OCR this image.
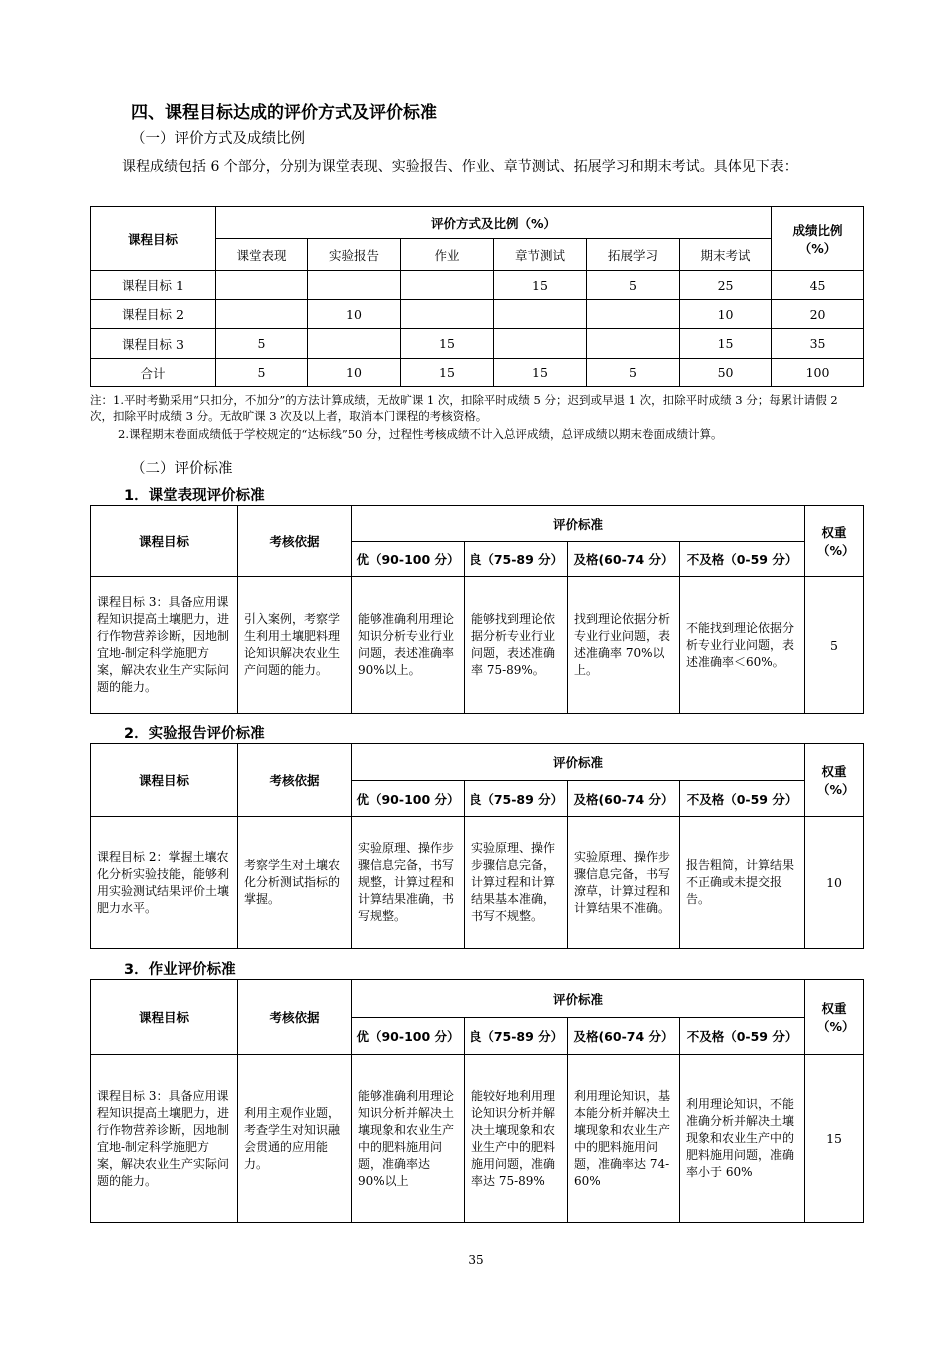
四、课程目标达成的评价方式及评价标准
（一）评价方式及成绩比例
课程成绩包括 6 个部分，分别为课堂表现、实验报告、作业、章节测试、拓展学习和期末考试。具体见下表：
课程目标	评价方式及比例（%）						成绩比例（%）
	课堂表现	实验报告	作业	章节测试	拓展学习	期末考试	
课程目标 1				15	5	25	45
课程目标 2		10				10	20
课程目标 3	5		15			15	35
合计	5	10	15	15	5	50	100
注：1.平时考勤采用“只扣分，不加分”的方法计算成绩，无故旷课 1 次，扣除平时成绩 5 分；迟到或早退 1 次，扣除平时成绩 3 分；每累计请假 2 次，扣除平时成绩 3 分。无故旷课 3 次及以上者，取消本门课程的考核资格。
2.课程期末卷面成绩低于学校规定的“达标线”50 分，过程性考核成绩不计入总评成绩，总评成绩以期末卷面成绩计算。
（二）评价标准
1．课堂表现评价标准
课程目标	考核依据	评价标准				权重（%）
		优（90-100 分）	良（75-89 分）	及格(60-74 分）	不及格（0-59 分）	
课程目标 3：具备应用课程知识提高土壤肥力，进行作物营养诊断，因地制宜地-制定科学施肥方案，解决农业生产实际问题的能力。	引入案例，考察学生利用土壤肥料理论知识解决农业生产问题的能力。	能够准确利用理论知识分析专业行业问题，表述准确率 90%以上。	能够找到理论依据分析专业行业问题，表述准确率 75-89%。	找到理论依据分析专业行业问题，表述准确率 70%以上。	不能找到理论依据分析专业行业问题，表述准确率＜60%。	5
2．实验报告评价标准
课程目标	考核依据	评价标准				权重（%）
		优（90-100 分）	良（75-89 分）	及格(60-74 分）	不及格（0-59 分）	
课程目标 2：掌握土壤农化分析实验技能，能够利用实验测试结果评价土壤肥力水平。	考察学生对土壤农化分析测试指标的掌握。	实验原理、操作步骤信息完备，书写规整，计算过程和计算结果准确，书写规整。	实验原理、操作步骤信息完备，计算过程和计算结果基本准确，书写不规整。	实验原理、操作步骤信息完备，书写潦草，计算过程和计算结果不准确。	报告粗简，计算结果不正确或未提交报告。	10
3．作业评价标准
课程目标	考核依据	评价标准				权重（%）
		优（90-100 分）	良（75-89 分）	及格(60-74 分）	不及格（0-59 分）	
课程目标 3：具备应用课程知识提高土壤肥力，进行作物营养诊断，因地制宜地-制定科学施肥方案，解决农业生产实际问题的能力。	利用主观作业题，考查学生对知识融会贯通的应用能力。	能够准确利用理论知识分析并解决土壤现象和农业生产中的肥料施用问题，准确率达 90%以上	能较好地利用理论知识分析并解决土壤现象和农业生产中的肥料施用问题，准确率达 75-89%	利用理论知识，基本能分析并解决土壤现象和农业生产中的肥料施用问题，准确率达 74-60%	利用理论知识，不能准确分析并解决土壤现象和农业生产中的肥料施用问题，准确率小于 60%	15
35
